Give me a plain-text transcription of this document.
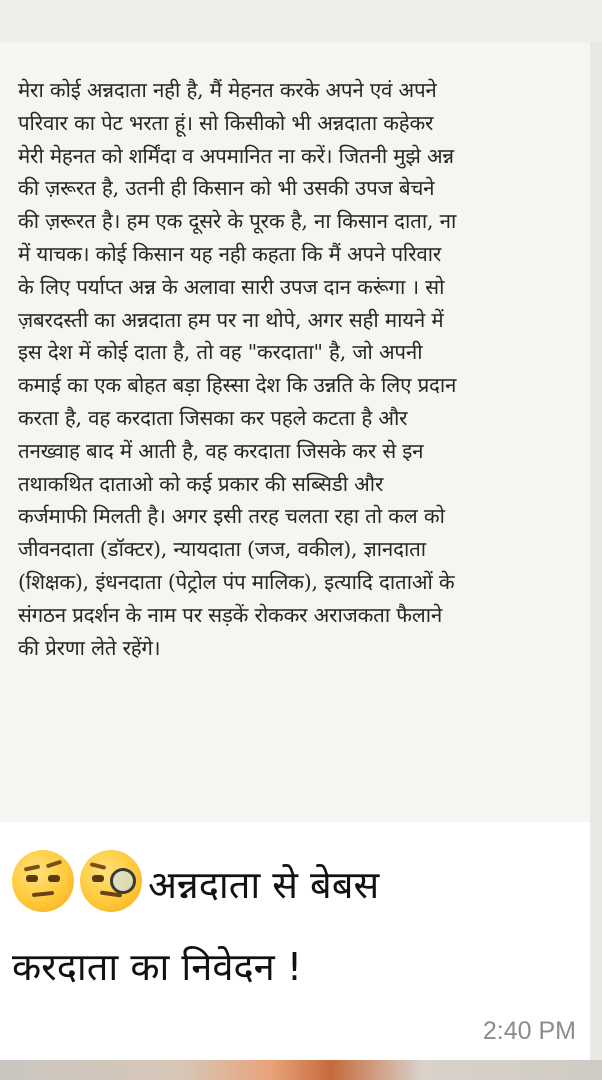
मेरा कोई अन्नदाता नही है, मैं मेहनत करके अपने एवं अपने
परिवार का पेट भरता हूं। सो किसीको भी अन्नदाता कहेकर
मेरी मेहनत को शर्मिंदा व अपमानित ना करें। जितनी मुझे अन्न
की ज़रूरत है, उतनी ही किसान को भी उसकी उपज बेचने
की ज़रूरत है। हम एक दूसरे के पूरक है, ना किसान दाता, ना
में याचक। कोई किसान यह नही कहता कि मैं अपने परिवार
के लिए पर्याप्त अन्न के अलावा सारी उपज दान करूंगा । सो
ज़बरदस्ती का अन्नदाता हम पर ना थोपे, अगर सही मायने में
इस देश में कोई दाता है, तो वह "करदाता" है, जो अपनी
कमाई का एक बोहत बड़ा हिस्सा देश कि उन्नति के लिए प्रदान
करता है, वह करदाता जिसका कर पहले कटता है और
तनख्वाह बाद में आती है, वह करदाता जिसके कर से इन
तथाकथित दाताओ को कई प्रकार की सब्सिडी और
कर्जमाफी मिलती है। अगर इसी तरह चलता रहा तो कल को
जीवनदाता (डॉक्टर), न्यायदाता (जज, वकील), ज्ञानदाता
(शिक्षक), इंधनदाता (पेट्रोल पंप मालिक), इत्यादि दाताओं के
संगठन प्रदर्शन के नाम पर सड़कें रोककर अराजकता फैलाने
की प्रेरणा लेते रहेंगे।
अन्नदाता से बेबस
करदाता का निवेदन !
2:40 PM
